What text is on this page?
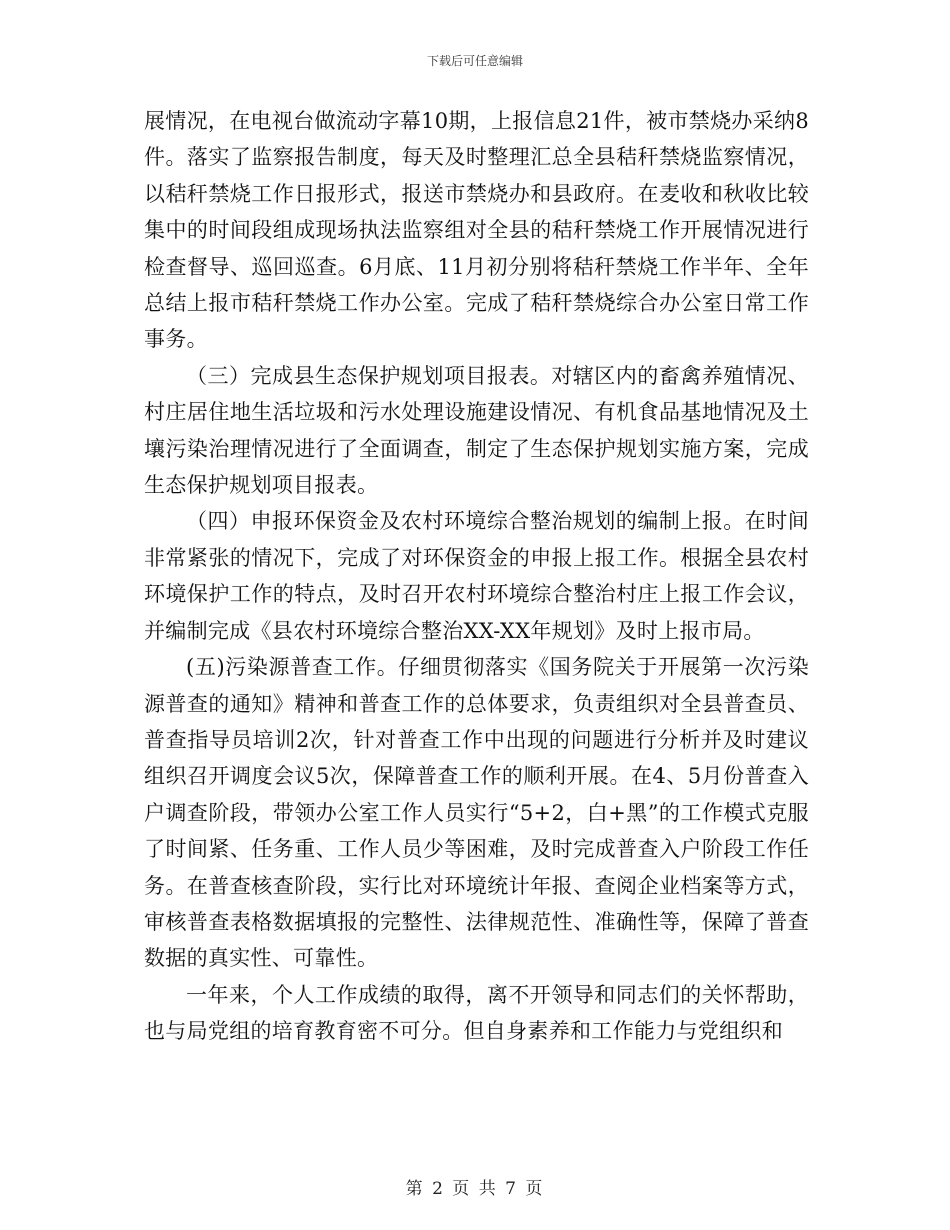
下载后可任意编辑

展情况，在电视台做流动字幕10期，上报信息21件，被市禁烧办采纳8件。落实了监察报告制度，每天及时整理汇总全县秸秆禁烧监察情况，以秸秆禁烧工作日报形式，报送市禁烧办和县政府。在麦收和秋收比较集中的时间段组成现场执法监察组对全县的秸秆禁烧工作开展情况进行检查督导、巡回巡查。6月底、11月初分别将秸秆禁烧工作半年、全年总结上报市秸秆禁烧工作办公室。完成了秸秆禁烧综合办公室日常工作事务。

（三）完成县生态保护规划项目报表。对辖区内的畜禽养殖情况、村庄居住地生活垃圾和污水处理设施建设情况、有机食品基地情况及土壤污染治理情况进行了全面调查，制定了生态保护规划实施方案，完成生态保护规划项目报表。

（四）申报环保资金及农村环境综合整治规划的编制上报。在时间非常紧张的情况下，完成了对环保资金的申报上报工作。根据全县农村环境保护工作的特点，及时召开农村环境综合整治村庄上报工作会议，并编制完成《县农村环境综合整治XX-XX年规划》及时上报市局。

(五)污染源普查工作。仔细贯彻落实《国务院关于开展第一次污染源普查的通知》精神和普查工作的总体要求，负责组织对全县普查员、普查指导员培训2次，针对普查工作中出现的问题进行分析并及时建议组织召开调度会议5次，保障普查工作的顺利开展。在4、5月份普查入户调查阶段，带领办公室工作人员实行“5+2，白+黑”的工作模式克服了时间紧、任务重、工作人员少等困难，及时完成普查入户阶段工作任务。在普查核查阶段，实行比对环境统计年报、查阅企业档案等方式，审核普查表格数据填报的完整性、法律规范性、准确性等，保障了普查数据的真实性、可靠性。

一年来，个人工作成绩的取得，离不开领导和同志们的关怀帮助，也与局党组的培育教育密不可分。但自身素养和工作能力与党组织和

第 2 页 共 7 页
